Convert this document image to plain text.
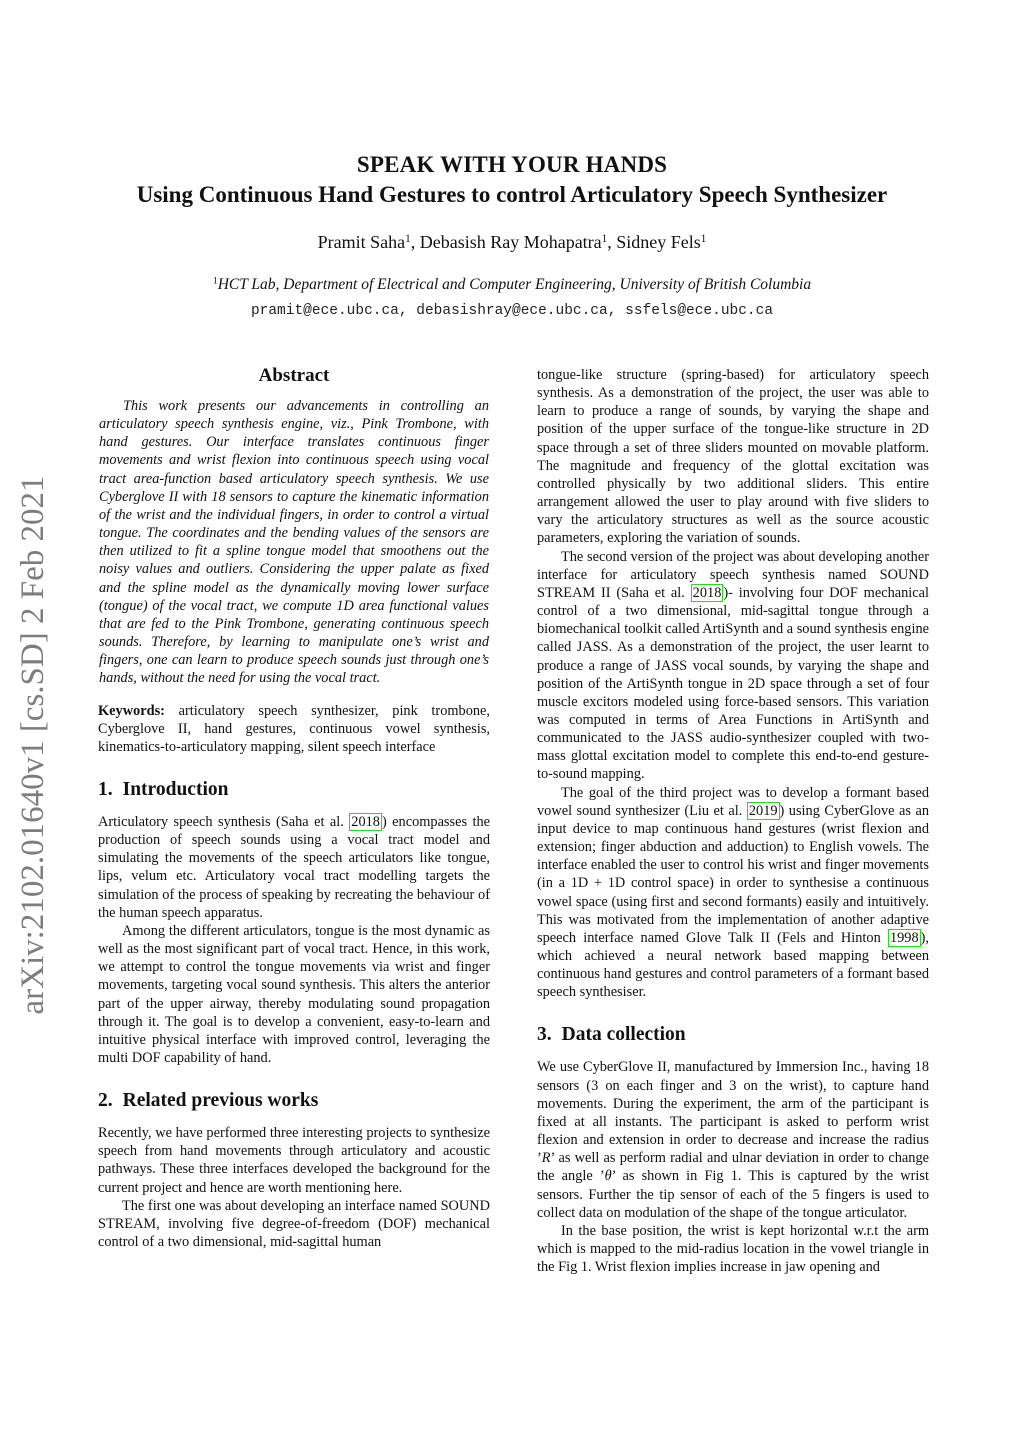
arXiv:2102.01640v1 [cs.SD] 2 Feb 2021
SPEAK WITH YOUR HANDS
Using Continuous Hand Gestures to control Articulatory Speech Synthesizer
Pramit Saha$^1$, Debasish Ray Mohapatra$^1$, Sidney Fels$^1$
$^1$HCT Lab, Department of Electrical and Computer Engineering, University of British Columbia
pramit@ece.ubc.ca, debasishray@ece.ubc.ca, ssfels@ece.ubc.ca
Abstract

This work presents our advancements in controlling an articulatory speech synthesis engine, viz., Pink Trombone, with hand gestures. Our interface translates continuous finger movements and wrist flexion into continuous speech using vocal tract area-function based articulatory speech synthesis. We use Cyberglove II with 18 sensors to capture the kinematic information of the wrist and the individual fingers, in order to control a virtual tongue. The coordinates and the bending values of the sensors are then utilized to fit a spline tongue model that smoothens out the noisy values and outliers. Considering the upper palate as fixed and the spline model as the dynamically moving lower surface (tongue) of the vocal tract, we compute 1D area functional values that are fed to the Pink Trombone, generating continuous speech sounds. Therefore, by learning to manipulate one’s wrist and fingers, one can learn to produce speech sounds just through one’s hands, without the need for using the vocal tract.

Keywords: articulatory speech synthesizer, pink trombone, Cyberglove II, hand gestures, continuous vowel synthesis, kinematics-to-articulatory mapping, silent speech interface

1. Introduction

Articulatory speech synthesis (Saha et al. 2018 ) encompasses the production of speech sounds using a vocal tract model and simulating the movements of the speech articulators like tongue, lips, velum etc. Articulatory vocal tract modelling targets the simulation of the process of speaking by recreating the behaviour of the human speech apparatus.

Among the different articulators, tongue is the most dynamic as well as the most significant part of vocal tract. Hence, in this work, we attempt to control the tongue movements via wrist and finger movements, targeting vocal sound synthesis. This alters the anterior part of the upper airway, thereby modulating sound propagation through it. The goal is to develop a convenient, easy-to-learn and intuitive physical interface with improved control, leveraging the multi DOF capability of hand.

2. Related previous works

Recently, we have performed three interesting projects to synthesize speech from hand movements through articulatory and acoustic pathways. These three interfaces developed the background for the current project and hence are worth mentioning here.

The first one was about developing an interface named SOUND STREAM, involving five degree-of-freedom (DOF) mechanical control of a two dimensional, mid-sagittal human

tongue-like structure (spring-based) for articulatory speech synthesis. As a demonstration of the project, the user was able to learn to produce a range of sounds, by varying the shape and position of the upper surface of the tongue-like structure in 2D space through a set of three sliders mounted on movable platform. The magnitude and frequency of the glottal excitation was controlled physically by two additional sliders. This entire arrangement allowed the user to play around with five sliders to vary the articulatory structures as well as the source acoustic parameters, exploring the variation of sounds.

The second version of the project was about developing another interface for articulatory speech synthesis named SOUND STREAM II (Saha et al. 2018 )- involving four DOF mechanical control of a two dimensional, mid-sagittal tongue through a biomechanical toolkit called ArtiSynth and a sound synthesis engine called JASS. As a demonstration of the project, the user learnt to produce a range of JASS vocal sounds, by varying the shape and position of the ArtiSynth tongue in 2D space through a set of four muscle excitors modeled using force-based sensors. This variation was computed in terms of Area Functions in ArtiSynth and communicated to the JASS audio-synthesizer coupled with two-mass glottal excitation model to complete this end-to-end gesture-to-sound mapping.

The goal of the third project was to develop a formant based vowel sound synthesizer (Liu et al. 2019 ) using CyberGlove as an input device to map continuous hand gestures (wrist flexion and extension; finger abduction and adduction) to English vowels. The interface enabled the user to control his wrist and finger movements (in a 1D + 1D control space) in order to synthesise a continuous vowel space (using first and second formants) easily and intuitively. This was motivated from the implementation of another adaptive speech interface named Glove Talk II (Fels and Hinton 1998 ), which achieved a neural network based mapping between continuous hand gestures and control parameters of a formant based speech synthesiser.

3. Data collection

We use CyberGlove II, manufactured by Immersion Inc., having 18 sensors (3 on each finger and 3 on the wrist), to capture hand movements. During the experiment, the arm of the participant is fixed at all instants. The participant is asked to perform wrist flexion and extension in order to decrease and increase the radius ’R’ as well as perform radial and ulnar deviation in order to change the angle ’θ’ as shown in Fig 1. This is captured by the wrist sensors. Further the tip sensor of each of the 5 fingers is used to collect data on modulation of the shape of the tongue articulator.

In the base position, the wrist is kept horizontal w.r.t the arm which is mapped to the mid-radius location in the vowel triangle in the Fig 1. Wrist flexion implies increase in jaw opening and
